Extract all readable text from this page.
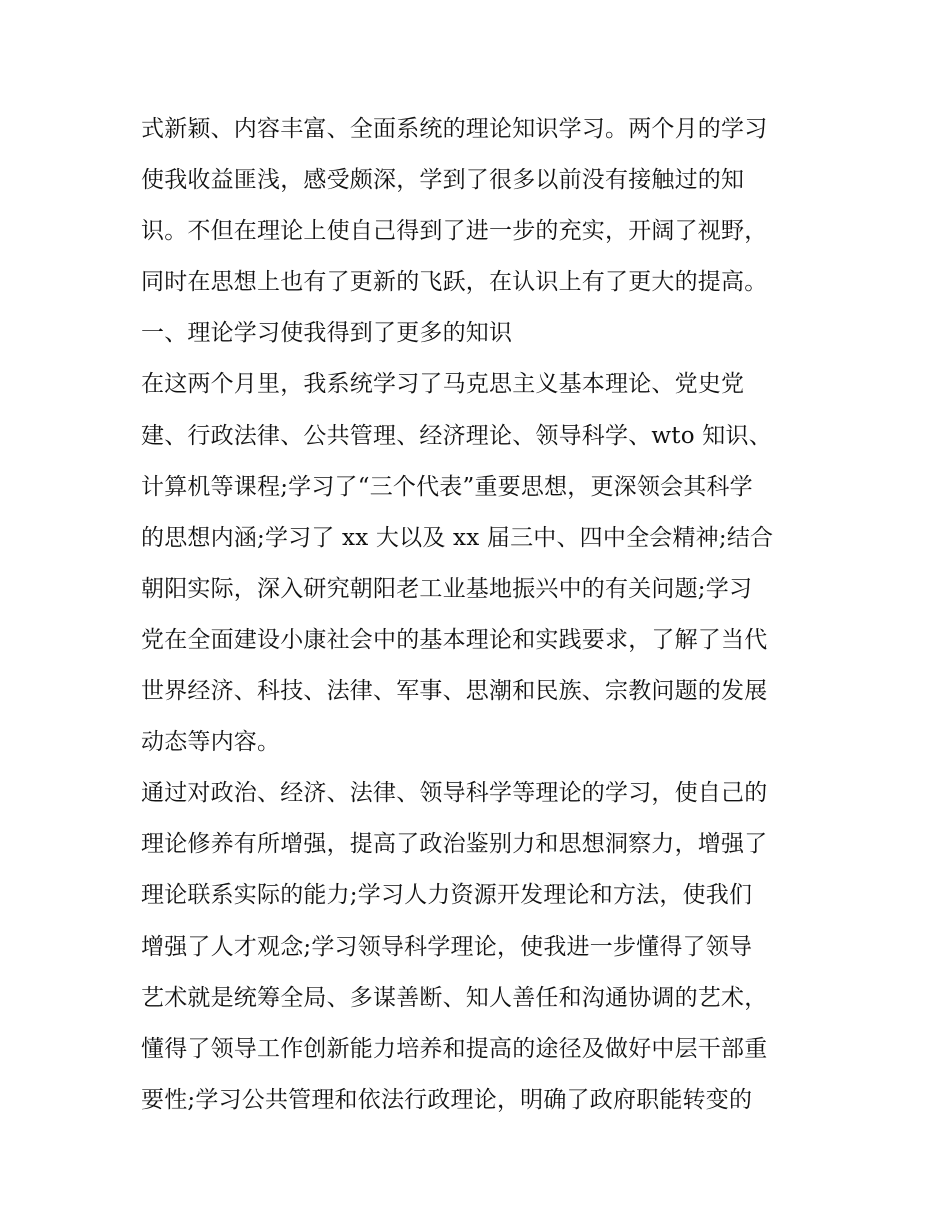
式新颖、内容丰富、全面系统的理论知识学习。两个月的学习
使我收益匪浅，感受颇深，学到了很多以前没有接触过的知
识。不但在理论上使自己得到了进一步的充实，开阔了视野，
同时在思想上也有了更新的飞跃，在认识上有了更大的提高。
一、理论学习使我得到了更多的知识
在这两个月里，我系统学习了马克思主义基本理论、党史党
建、行政法律、公共管理、经济理论、领导科学、wto 知识、
计算机等课程;学习了“三个代表”重要思想，更深领会其科学
的思想内涵;学习了 xx 大以及 xx 届三中、四中全会精神;结合
朝阳实际，深入研究朝阳老工业基地振兴中的有关问题;学习
党在全面建设小康社会中的基本理论和实践要求，了解了当代
世界经济、科技、法律、军事、思潮和民族、宗教问题的发展
动态等内容。
通过对政治、经济、法律、领导科学等理论的学习，使自己的
理论修养有所增强，提高了政治鉴别力和思想洞察力，增强了
理论联系实际的能力;学习人力资源开发理论和方法，使我们
增强了人才观念;学习领导科学理论，使我进一步懂得了领导
艺术就是统筹全局、多谋善断、知人善任和沟通协调的艺术，
懂得了领导工作创新能力培养和提高的途径及做好中层干部重
要性;学习公共管理和依法行政理论，明确了政府职能转变的
